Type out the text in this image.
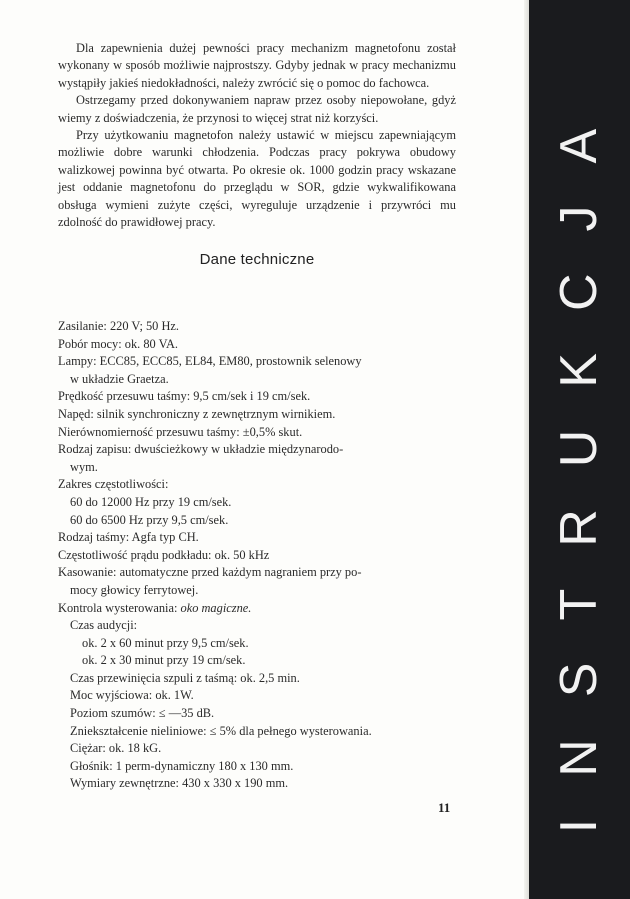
Dla zapewnienia dużej pewności pracy mechanizm magnetofonu został wykonany w sposób możliwie najprostszy. Gdyby jednak w pracy mechanizmu wystąpiły jakieś niedokładności, należy zwrócić się o pomoc do fachowca.

Ostrzegamy przed dokonywaniem napraw przez osoby niepowołane, gdyż wiemy z doświadczenia, że przynosi to więcej strat niż korzyści.

Przy użytkowaniu magnetofon należy ustawić w miejscu zapewniającym możliwie dobre warunki chłodzenia. Podczas pracy pokrywa obudowy walizkowej powinna być otwarta. Po okresie ok. 1000 godzin pracy wskazane jest oddanie magnetofonu do przeglądu w SOR, gdzie wykwalifikowana obsługa wymieni zużyte części, wyreguluje urządzenie i przywróci mu zdolność do prawidłowej pracy.

Dane techniczne

Zasilanie: 220 V; 50 Hz.

Pobór mocy: ok. 80 VA.

Lampy: ECC85, ECC85, EL84, EM80, prostownik selenowy

w układzie Graetza.

Prędkość przesuwu taśmy: 9,5 cm/sek i 19 cm/sek.

Napęd: silnik synchroniczny z zewnętrznym wirnikiem.

Nierównomierność przesuwu taśmy: ±0,5% skut.

Rodzaj zapisu: dwuścieżkowy w układzie międzynarodo-

wym.

Zakres częstotliwości:

60 do 12000 Hz przy 19 cm/sek.

60 do 6500 Hz przy 9,5 cm/sek.

Rodzaj taśmy: Agfa typ CH.

Częstotliwość prądu podkładu: ok. 50 kHz

Kasowanie: automatyczne przed każdym nagraniem przy po-

mocy głowicy ferrytowej.

Kontrola wysterowania: oko magiczne.

Czas audycji:

ok. 2 x 60 minut przy 9,5 cm/sek.

ok. 2 x 30 minut przy 19 cm/sek.

Czas przewinięcia szpuli z taśmą: ok. 2,5 min.

Moc wyjściowa: ok. 1W.

Poziom szumów: ≤ —35 dB.

Zniekształcenie nieliniowe: ≤ 5% dla pełnego wysterowania.

Ciężar: ok. 18 kG.

Głośnik: 1 perm-dynamiczny 180 x 130 mm.

Wymiary zewnętrzne: 430 x 330 x 190 mm.

11 INSTRUKCJA
